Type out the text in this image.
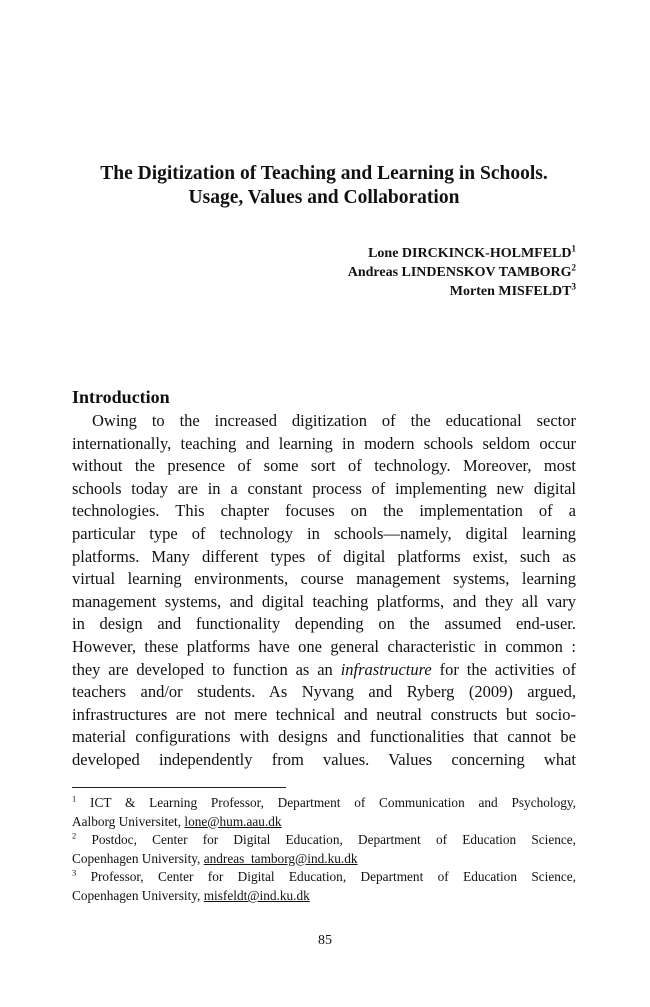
The Digitization of Teaching and Learning in Schools.
Usage, Values and Collaboration
Lone DIRCKINCK-HOLMFELD$^1$
Andreas LINDENSKOV TAMBORG$^2$
Morten MISFELDT$^3$
Introduction
Owing to the increased digitization of the educational sector
internationally, teaching and learning in modern schools seldom occur
without the presence of some sort of technology. Moreover, most
schools today are in a constant process of implementing new digital
technologies. This chapter focuses on the implementation of a
particular type of technology in schools—namely, digital learning
platforms. Many different types of digital platforms exist, such as
virtual learning environments, course management systems, learning
management systems, and digital teaching platforms, and they all vary
in design and functionality depending on the assumed end-user.
However, these platforms have one general characteristic in common :
they are developed to function as an infrastructure for the activities of
teachers and/or students. As Nyvang and Ryberg (2009) argued,
infrastructures are not mere technical and neutral constructs but socio-
material configurations with designs and functionalities that cannot be
developed independently from values. Values concerning what
$^1$ ICT & Learning Professor, Department of Communication and Psychology,
Aalborg Universitet, lone@hum.aau.dk
$^2$ Postdoc, Center for Digital Education, Department of Education Science,
Copenhagen University, andreas_tamborg@ind.ku.dk
$^3$ Professor, Center for Digital Education, Department of Education Science,
Copenhagen University, misfeldt@ind.ku.dk
85
